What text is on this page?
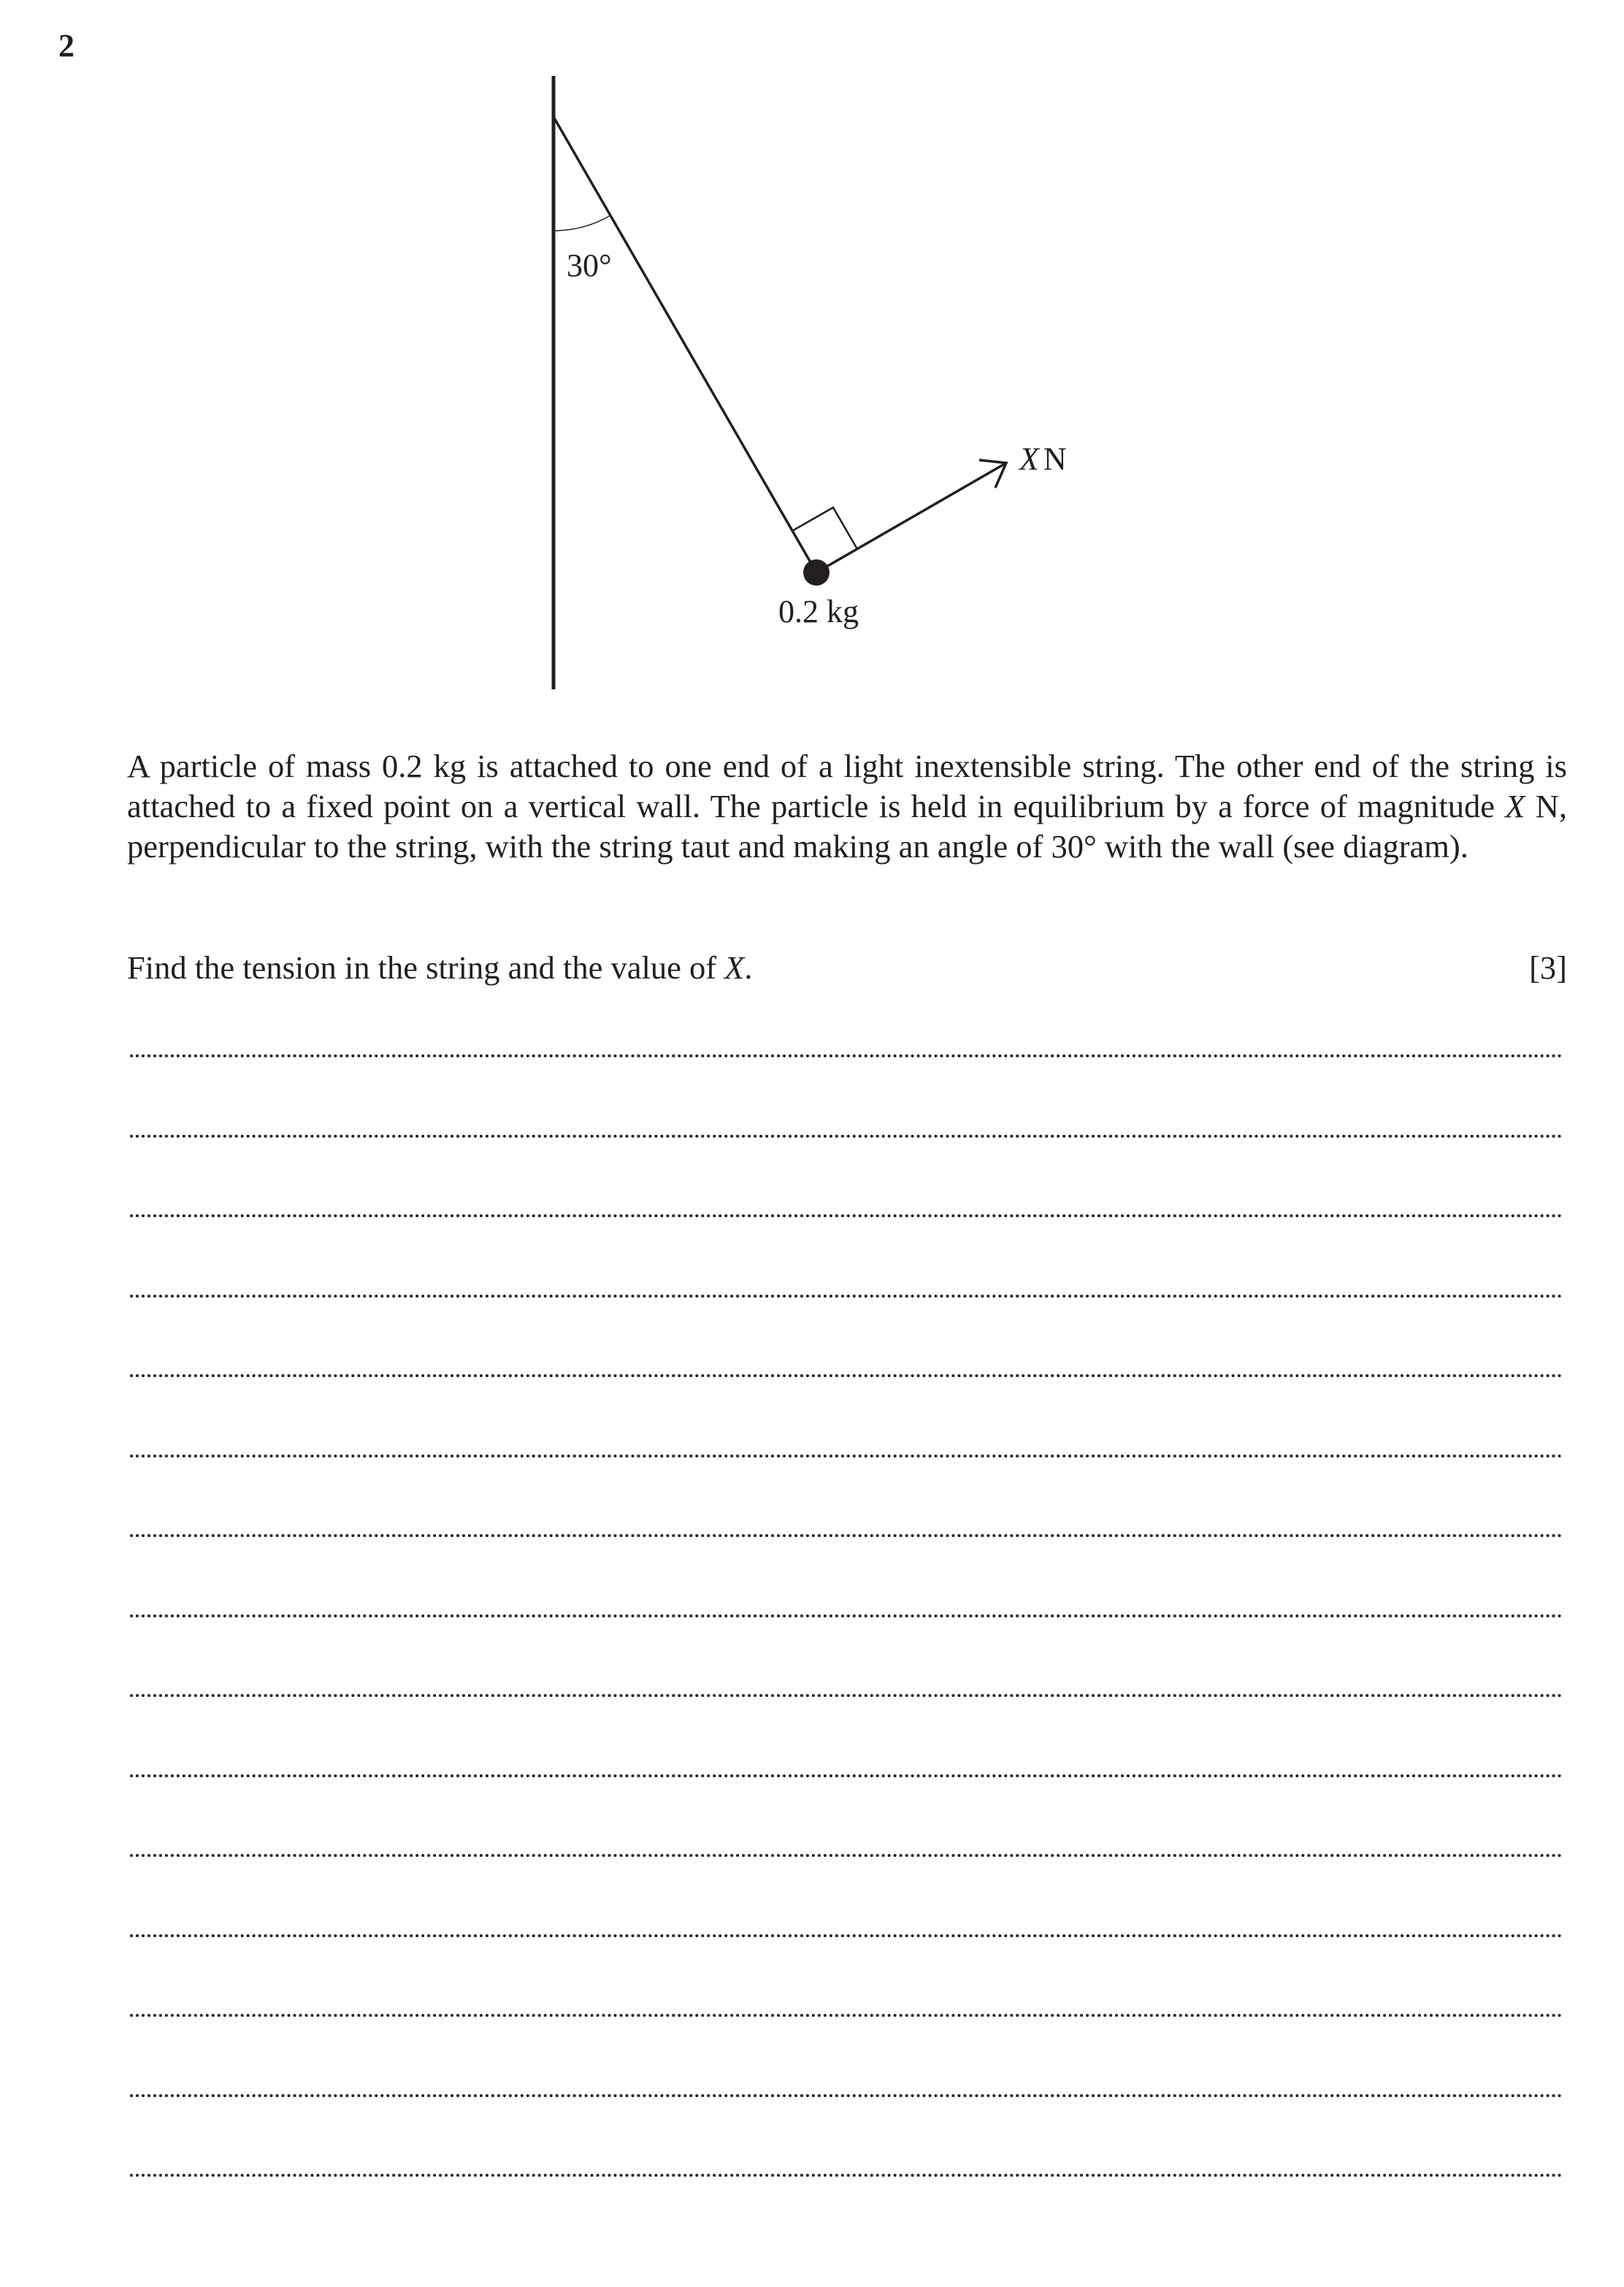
2
30°
X N
0.2 kg
A particle of mass 0.2 kg is attached to one end of a light inextensible string. The other end of the string is attached to a fixed point on a vertical wall. The particle is held in equilibrium by a force of magnitude X N, perpendicular to the string, with the string taut and making an angle of 30° with the wall (see diagram).
Find the tension in the string and the value of X.	[3]
